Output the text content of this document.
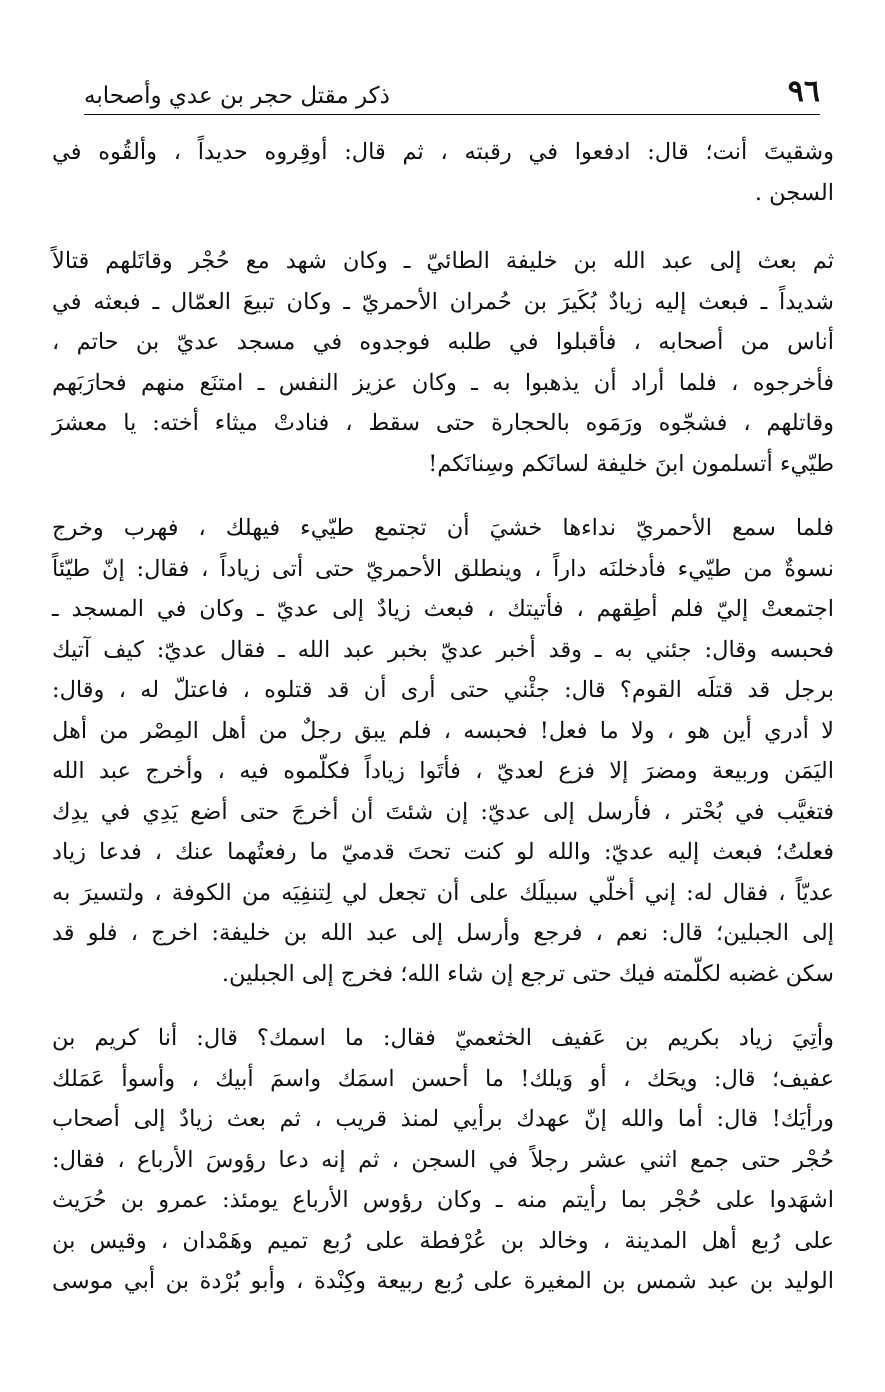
٩٦
ذكر مقتل حجر بن عدي وأصحابه
وشقيتَ أنت؛ قال: ادفعوا في رقبته ، ثم قال: أوقِروه حديداً ، وألقُوه في
السجن .
ثم بعث إلى عبد الله بن خليفة الطائيّ ـ وكان شهد مع حُجْر وقاتَلهم قتالاً
شديداً ـ فبعث إليه زيادٌ بُكَيرَ بن حُمران الأحمريّ ـ وكان تبيعَ العمّال ـ فبعثه في
أناس من أصحابه ، فأقبلوا في طلبه فوجدوه في مسجد عديّ بن حاتم ،
فأخرجوه ، فلما أراد أن يذهبوا به ـ وكان عزيز النفس ـ امتنَع منهم فحارَبَهم
وقاتلهم ، فشجّوه ورَمَوه بالحجارة حتى سقط ، فنادتْ ميثاء أخته: يا معشرَ
طيّيء أتسلمون ابنَ خليفة لسانَكم وسِنانَكم!
فلما سمع الأحمريّ نداءها خشيَ أن تجتمع طيّيء فيهلك ، فهرب وخرج
نسوةٌ من طيّيء فأدخلنَه داراً ، وينطلق الأحمريّ حتى أتى زياداً ، فقال: إنّ طيّئاً
اجتمعتْ إليّ فلم أطِقهم ، فأتيتك ، فبعث زيادٌ إلى عديّ ـ وكان في المسجد ـ
فحبسه وقال: جئني به ـ وقد أخبر عديّ بخبر عبد الله ـ فقال عديّ: كيف آتيك
برجل قد قتلَه القوم؟ قال: جئْني حتى أرى أن قد قتلوه ، فاعتلّ له ، وقال:
لا أدري أين هو ، ولا ما فعل! فحبسه ، فلم يبق رجلٌ من أهل المِصْر من أهل
اليَمَن وربيعة ومضرَ إلا فزع لعديّ ، فأتَوا زياداً فكلّموه فيه ، وأخرج عبد الله
فتغيَّب في بُحْتر ، فأرسل إلى عديّ: إن شئتَ أن أخرجَ حتى أضع يَدِي في يدِك
فعلتُ؛ فبعث إليه عديّ: والله لو كنت تحتَ قدميّ ما رفعتُهما عنك ، فدعا زياد
عديّاً ، فقال له: إني أخلّي سبيلَك على أن تجعل لي لِتنفِيَه من الكوفة ، ولتسيرَ به
إلى الجبلين؛ قال: نعم ، فرجع وأرسل إلى عبد الله بن خليفة: اخرج ، فلو قد
سكن غضبه لكلّمته فيك حتى ترجع إن شاء الله؛ فخرج إلى الجبلين.
وأتِيَ زياد بكريم بن عَفيف الخثعميّ فقال: ما اسمك؟ قال: أنا كريم بن
عفيف؛ قال: ويحَك ، أو وَيلك! ما أحسن اسمَك واسمَ أبيك ، وأسوأ عَمَلك
ورأيَك! قال: أما والله إنّ عهدك برأيي لمنذ قريب ، ثم بعث زيادٌ إلى أصحاب
حُجْر حتى جمع اثني عشر رجلاً في السجن ، ثم إنه دعا رؤوسَ الأرباع ، فقال:
اشهَدوا على حُجْر بما رأيتم منه ـ وكان رؤوس الأرباع يومئذ: عمرو بن حُرَيث
على رُبع أهل المدينة ، وخالد بن عُرْفطة على رُبع تميم وهَمْدان ، وقيس بن
الوليد بن عبد شمس بن المغيرة على رُبع ربيعة وكِنْدة ، وأبو بُرْدة بن أبي موسى
